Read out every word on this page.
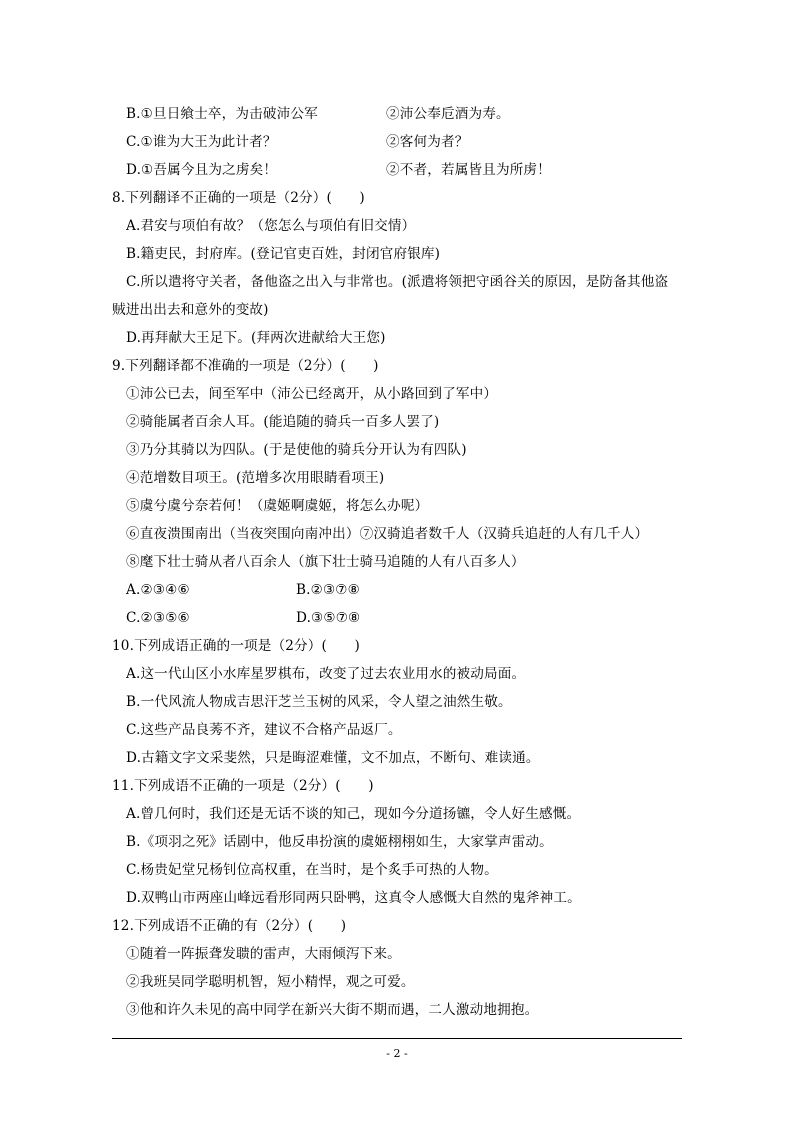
B.①旦日飨士卒，为击破沛公军	②沛公奉卮酒为寿。
C.①谁为大王为此计者？	②客何为者？
D.①吾属今且为之虏矣！	②不者，若属皆且为所虏！
8.下列翻译不正确的一项是（2分）(　　)
A.君安与项伯有故？（您怎么与项伯有旧交情）
B.籍吏民，封府库。(登记官吏百姓，封闭官府银库)
C.所以遣将守关者，备他盗之出入与非常也。(派遣将领把守函谷关的原因，是防备其他盗
贼进出出去和意外的变故)
D.再拜献大王足下。(拜两次进献给大王您)
9.下列翻译都不准确的一项是（2分）(　　)
①沛公已去，间至军中（沛公已经离开，从小路回到了军中）
②骑能属者百余人耳。(能追随的骑兵一百多人罢了)
③乃分其骑以为四队。(于是使他的骑兵分开认为有四队)
④范增数目项王。(范增多次用眼睛看项王)
⑤虞兮虞兮奈若何！（虞姬啊虞姬，将怎么办呢）
⑥直夜溃围南出（当夜突围向南冲出）⑦汉骑追者数千人（汉骑兵追赶的人有几千人）
⑧麾下壮士骑从者八百余人（旗下壮士骑马追随的人有八百多人）
A.②③④⑥	B.②③⑦⑧
C.②③⑤⑥	D.③⑤⑦⑧
10.下列成语正确的一项是（2分）(　　)
A.这一代山区小水库星罗棋布，改变了过去农业用水的被动局面。
B.一代风流人物成吉思汗芝兰玉树的风采，令人望之油然生敬。
C.这些产品良莠不齐，建议不合格产品返厂。
D.古籍文字文采斐然，只是晦涩难懂，文不加点，不断句、难读通。
11.下列成语不正确的一项是（2分）(　　)
A.曾几何时，我们还是无话不谈的知己，现如今分道扬镳，令人好生感慨。
B.《项羽之死》话剧中，他反串扮演的虞姬栩栩如生，大家掌声雷动。
C.杨贵妃堂兄杨钊位高权重，在当时，是个炙手可热的人物。
D.双鸭山市两座山峰远看形同两只卧鸭，这真令人感慨大自然的鬼斧神工。
12.下列成语不正确的有（2分）(　　)
①随着一阵振聋发聩的雷声，大雨倾泻下来。
②我班吴同学聪明机智，短小精悍，观之可爱。
③他和许久未见的高中同学在新兴大街不期而遇，二人激动地拥抱。
- 2 -
